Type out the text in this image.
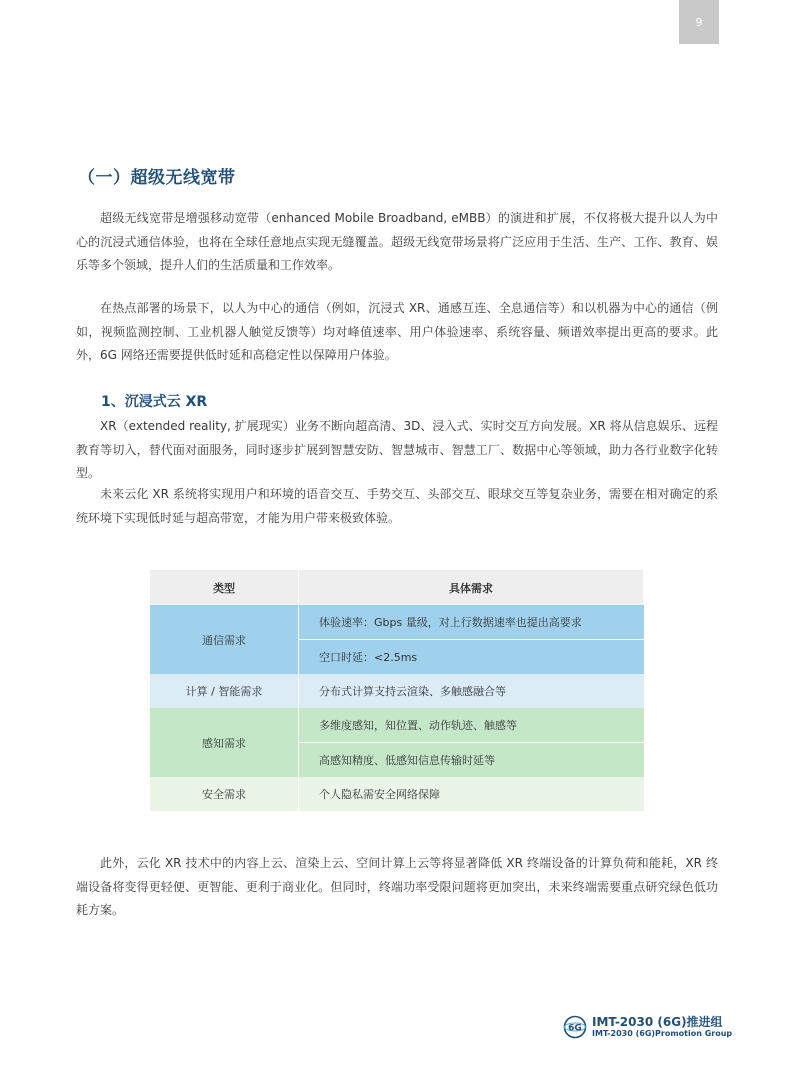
9
（一）超级无线宽带

超级无线宽带是增强移动宽带（enhanced Mobile Broadband, eMBB）的演进和扩展，不仅将极大提升以人为中心的沉浸式通信体验，也将在全球任意地点实现无缝覆盖。超级无线宽带场景将广泛应用于生活、生产、工作、教育、娱乐等多个领域，提升人们的生活质量和工作效率。

在热点部署的场景下，以人为中心的通信（例如，沉浸式 XR、通感互连、全息通信等）和以机器为中心的通信（例如，视频监测控制、工业机器人触觉反馈等）均对峰值速率、用户体验速率、系统容量、频谱效率提出更高的要求。此外，6G 网络还需要提供低时延和高稳定性以保障用户体验。

1、沉浸式云 XR

XR（extended reality, 扩展现实）业务不断向超高清、3D、浸入式、实时交互方向发展。XR 将从信息娱乐、远程教育等切入，替代面对面服务，同时逐步扩展到智慧安防、智慧城市、智慧工厂、数据中心等领域，助力各行业数字化转型。

未来云化 XR 系统将实现用户和环境的语音交互、手势交互、头部交互、眼球交互等复杂业务，需要在相对确定的系统环境下实现低时延与超高带宽，才能为用户带来极致体验。

类型	具体需求
通信需求	体验速率：Gbps 量级，对上行数据速率也提出高要求
	空口时延：<2.5ms
计算 / 智能需求	分布式计算支持云渲染、多触感融合等
感知需求	多维度感知，知位置、动作轨迹、触感等
	高感知精度、低感知信息传输时延等
安全需求	个人隐私需安全网络保障

此外，云化 XR 技术中的内容上云、渲染上云、空间计算上云等将显著降低 XR 终端设备的计算负荷和能耗，XR 终端设备将变得更轻便、更智能、更利于商业化。但同时，终端功率受限问题将更加突出，未来终端需要重点研究绿色低功耗方案。

6G IMT-2030 (6G)推进组
IMT-2030 (6G)Promotion Group
